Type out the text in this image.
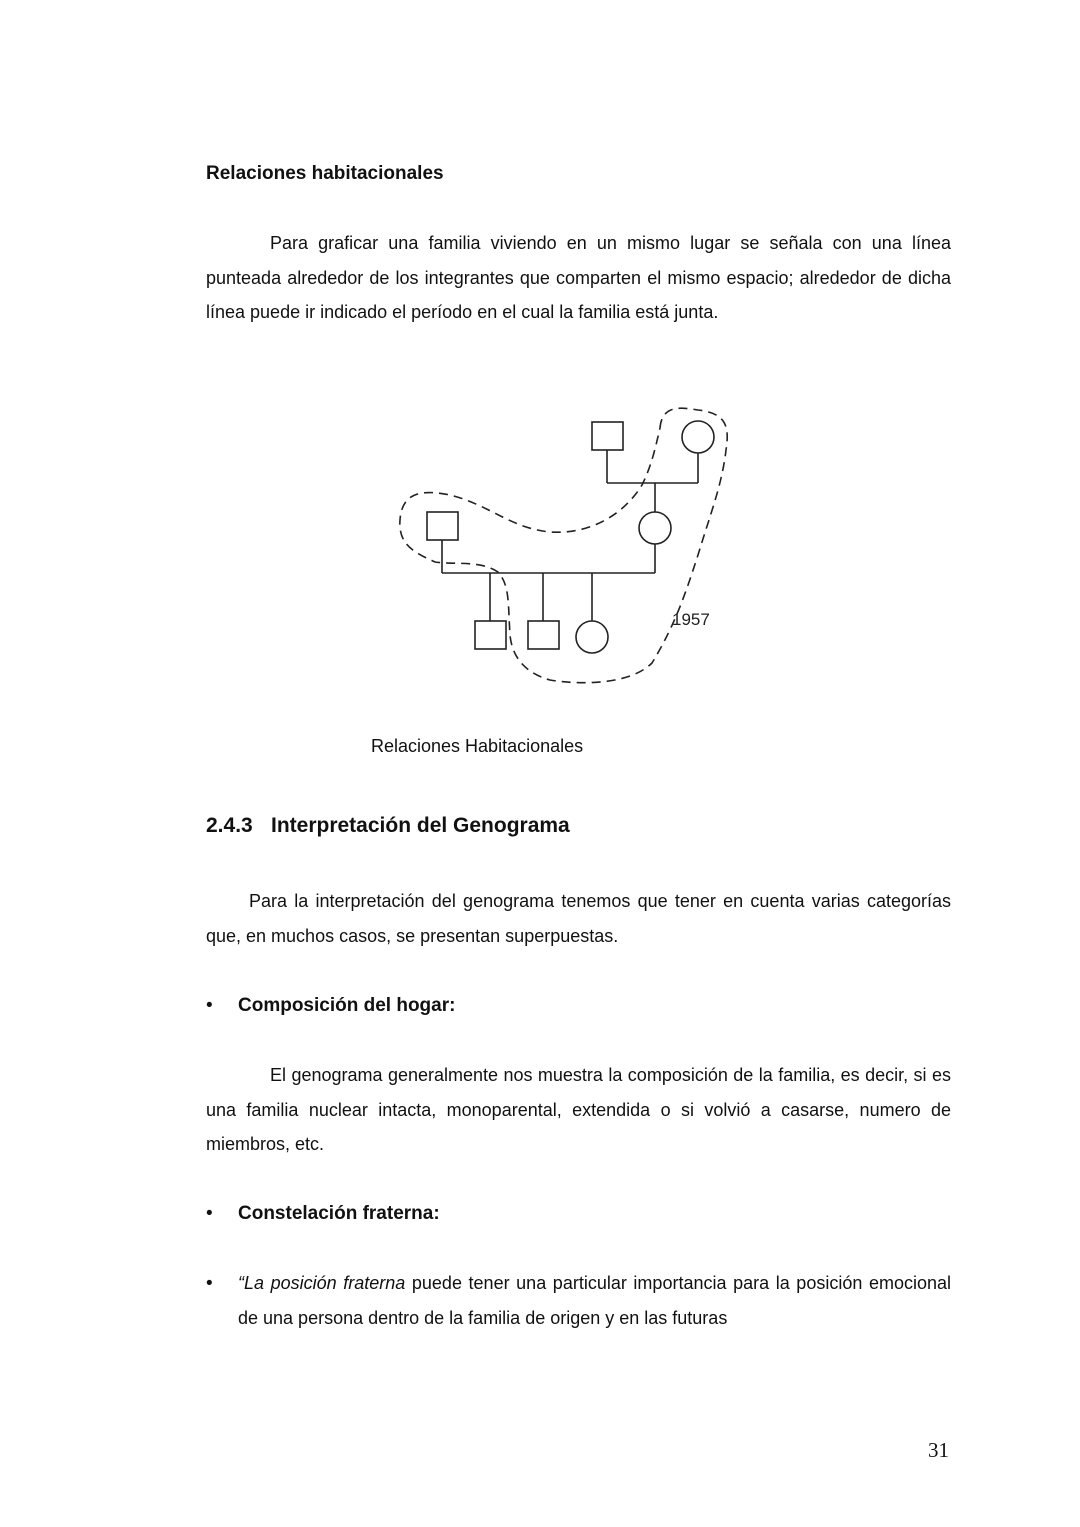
Relaciones habitacionales
Para graficar una familia viviendo en un mismo lugar se señala con una línea punteada alrededor de los integrantes que comparten el mismo espacio; alrededor de dicha línea puede ir indicado el período en el cual la familia está junta.
1957
Relaciones Habitacionales
2.4.3 Interpretación del Genograma
Para la interpretación del genograma tenemos que tener en cuenta varias categorías que, en muchos casos, se presentan superpuestas.
• Composición del hogar:
El genograma generalmente nos muestra la composición de la familia, es decir, si es una familia nuclear intacta, monoparental, extendida o si volvió a casarse, numero de miembros, etc.
• Constelación fraterna:
• “La posición fraterna puede tener una particular importancia para la posición emocional de una persona dentro de la familia de origen y en las futuras
31
